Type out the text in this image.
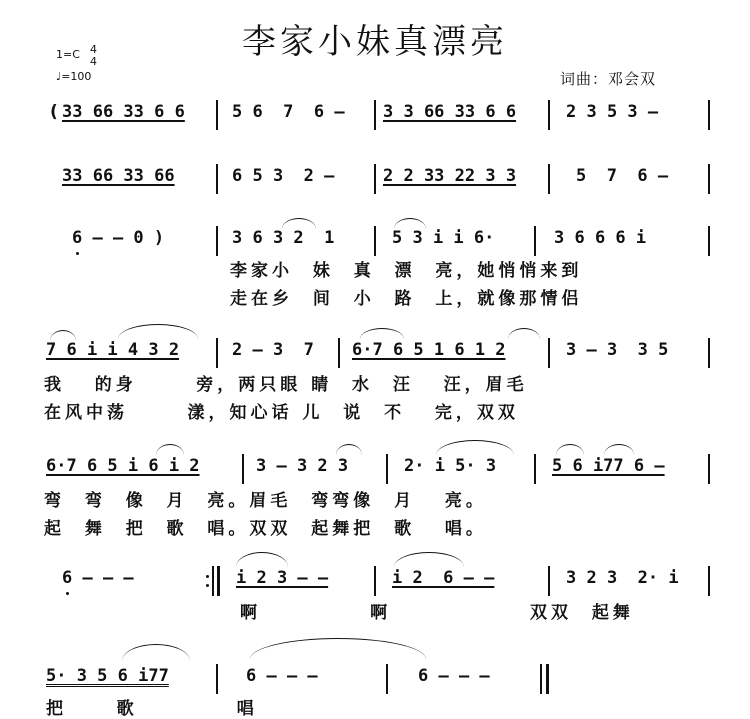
李家小妹真漂亮
1=C 4
4
♩=100	词曲：邓会双
( 33 66 33 6 6	5 6  7  6 – 3 3 66 33 6 6	2 3 5 3 –
33 66 33 66	6 5 3  2 –	2 2 33 22 3 3	5  7  6 –
6 – – 0 )	3 6 3 2  1	5 3 i i 6·	3 6 6 6 i
李家小 妹 真 漂 亮，她悄悄来到
走在乡 间 小 路 上，就像那情侣
7 6 i i 4 3 2	2 – 3  7 6·7 6 5 1 6 1 2	3 – 3  3 5
我 的身	旁，两只眼 睛 水 汪 汪，眉毛
在风中荡	漾，知心话 儿 说 不 完，双双
6·7 6 5 i 6 i 2	3 – 3 2 3	2· i 5· 3	5 6 i77 6 –
弯 弯 像 月 亮。眉毛 弯弯像 月 亮。
起 舞 把 歌 唱。双双 起舞把 歌 唱。
6 – – –	i 2 3 – –	i 2  6 – –	3 2 3  2· i
啊	啊	双双 起舞
5· 3 5 6 i77	6 – – –	6 – – –
把	歌	唱
